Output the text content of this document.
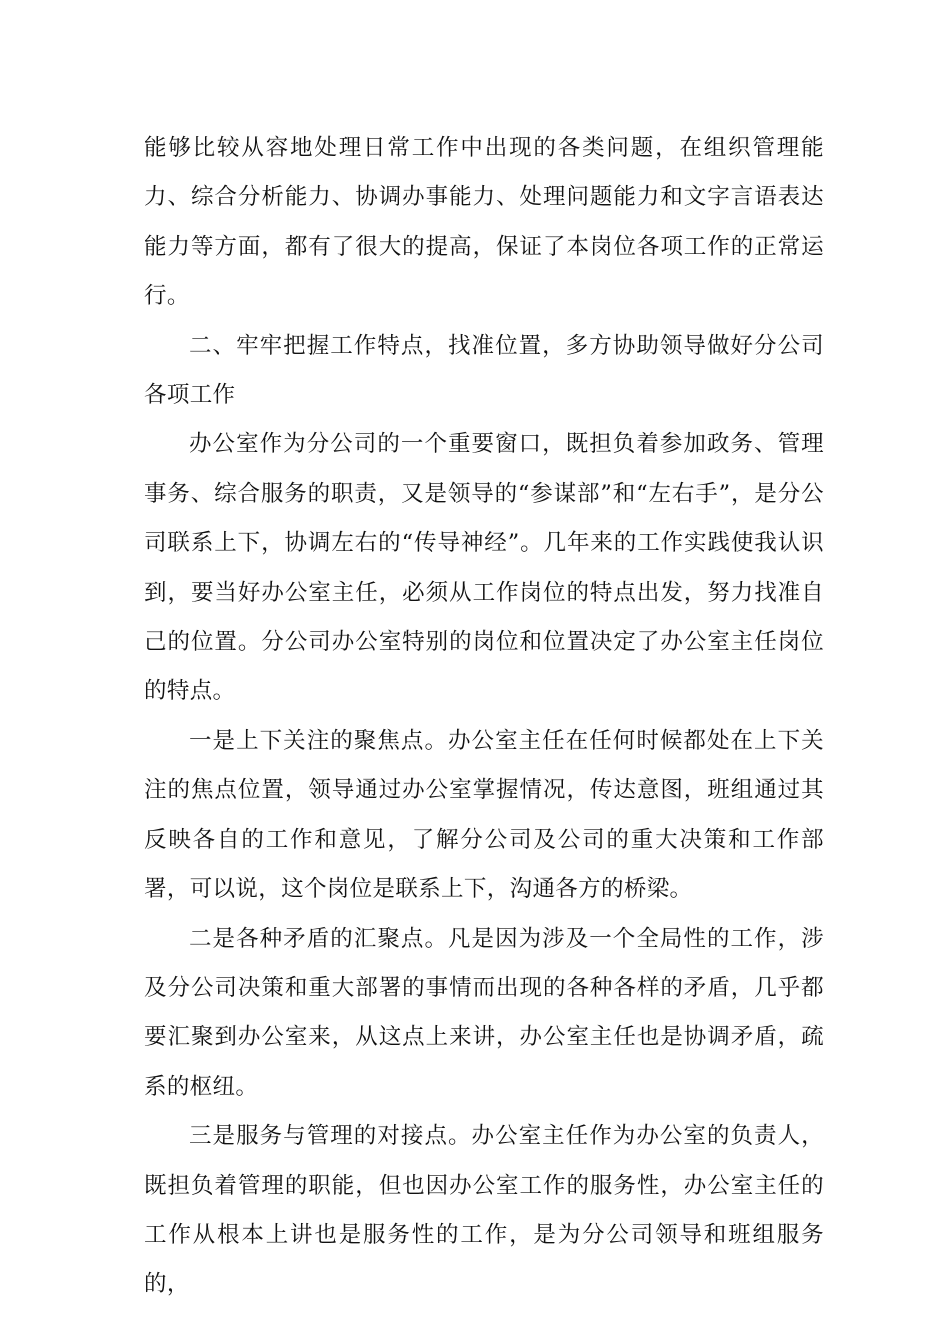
能够比较从容地处理日常工作中出现的各类问题，在组织管理能力、综合分析能力、协调办事能力、处理问题能力和文字言语表达能力等方面，都有了很大的提高，保证了本岗位各项工作的正常运行。

二、牢牢把握工作特点，找准位置，多方协助领导做好分公司各项工作

办公室作为分公司的一个重要窗口，既担负着参加政务、管理事务、综合服务的职责，又是领导的“参谋部”和“左右手”，是分公司联系上下，协调左右的“传导神经”。几年来的工作实践使我认识到，要当好办公室主任，必须从工作岗位的特点出发，努力找准自己的位置。分公司办公室特别的岗位和位置决定了办公室主任岗位的特点。

一是上下关注的聚焦点。办公室主任在任何时候都处在上下关注的焦点位置，领导通过办公室掌握情况，传达意图，班组通过其反映各自的工作和意见，了解分公司及公司的重大决策和工作部署，可以说，这个岗位是联系上下，沟通各方的桥梁。

二是各种矛盾的汇聚点。凡是因为涉及一个全局性的工作，涉及分公司决策和重大部署的事情而出现的各种各样的矛盾，几乎都要汇聚到办公室来，从这点上来讲，办公室主任也是协调矛盾，疏系的枢纽。

三是服务与管理的对接点。办公室主任作为办公室的负责人，既担负着管理的职能，但也因办公室工作的服务性，办公室主任的工作从根本上讲也是服务性的工作，是为分公司领导和班组服务的，
